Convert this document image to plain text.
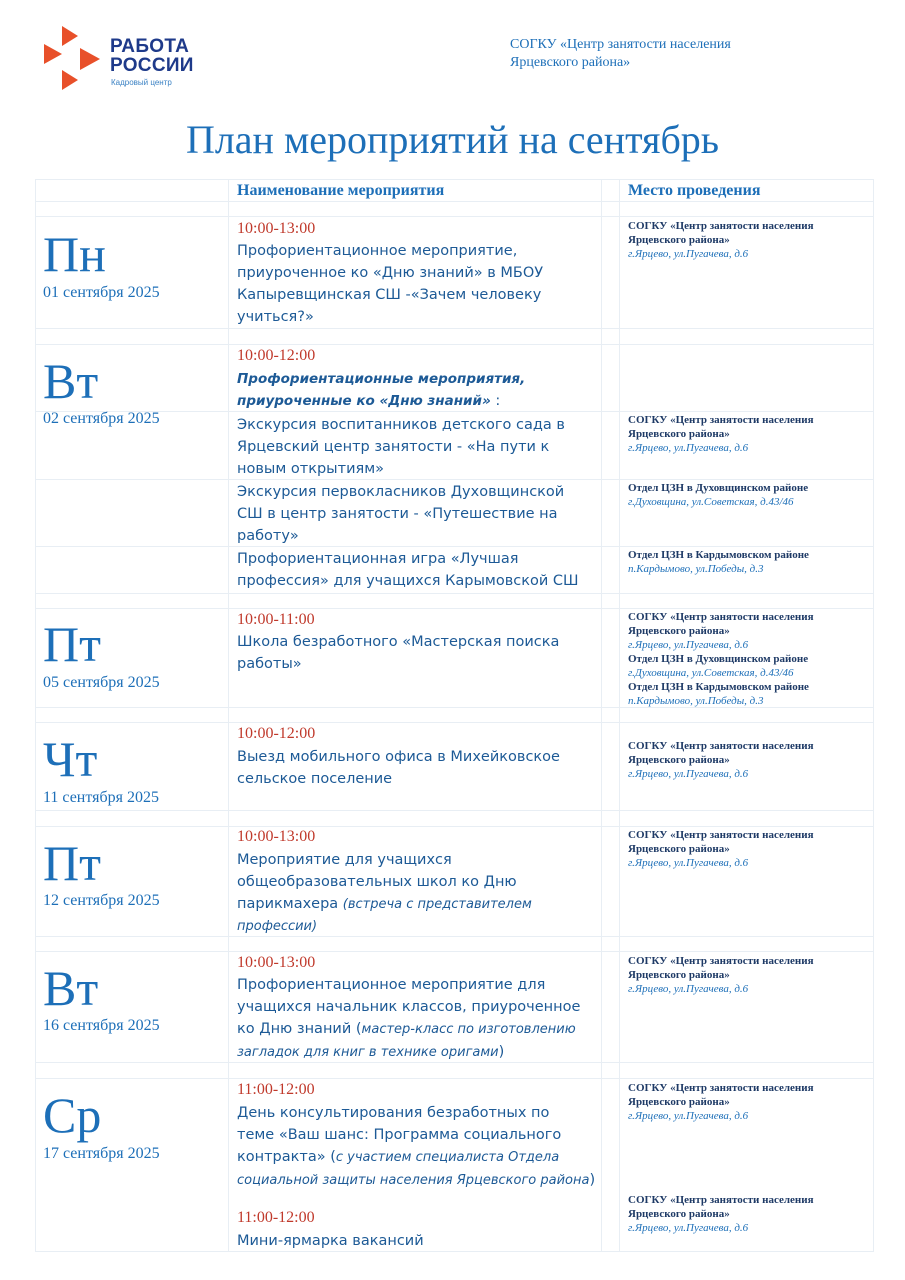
РАБОТА
РОССИИ
Кадровый центр
СОГКУ «Центр занятости населения
Ярцевского района»
План мероприятий на сентябрь
Наименование мероприятия	Место проведения
Пн
01 сентября 2025
10:00-13:00
Профориентационное мероприятие,
приуроченное ко «Дню знаний» в МБОУ
Капыревщинская СШ -«Зачем человеку
учиться?»
СОГКУ «Центр занятости населения
Ярцевского района»
г.Ярцево, ул.Пугачева, д.6
Вт
02 сентября 2025
10:00-12:00
Профориентационные мероприятия,
приуроченные ко «Дню знаний» :
Экскурсия воспитанников детского сада в
Ярцевский центр занятости - «На пути к
новым открытиям»
СОГКУ «Центр занятости населения
Ярцевского района»
г.Ярцево, ул.Пугачева, д.6
Экскурсия первокласников Духовщинской
СШ в центр занятости - «Путешествие на
работу»
Отдел ЦЗН в Духовщинском районе
г.Духовщина, ул.Советская, д.43/46
Профориентационная игра «Лучшая
профессия» для учащихся Карымовской СШ
Отдел ЦЗН в Кардымовском районе
п.Кардымово, ул.Победы, д.3
Пт
05 сентября 2025
10:00-11:00
Школа безработного «Мастерская поиска
работы»
СОГКУ «Центр занятости населения
Ярцевского района»
г.Ярцево, ул.Пугачева, д.6
Отдел ЦЗН в Духовщинском районе
г.Духовщина, ул.Советская, д.43/46
Отдел ЦЗН в Кардымовском районе
п.Кардымово, ул.Победы, д.3
Чт
11 сентября 2025
10:00-12:00
Выезд мобильного офиса в Михейковское
сельское поселение
СОГКУ «Центр занятости населения
Ярцевского района»
г.Ярцево, ул.Пугачева, д.6
Пт
12 сентября 2025
10:00-13:00
Мероприятие для учащихся
общеобразовательных школ ко Дню
парикмахера (встреча с представителем
профессии)
СОГКУ «Центр занятости населения
Ярцевского района»
г.Ярцево, ул.Пугачева, д.6
Вт
16 сентября 2025
10:00-13:00
Профориентационное мероприятие для
учащихся начальник классов, приуроченное
ко Дню знаний (мастер-класс по изготовлению
загладок для книг в технике оригами)
СОГКУ «Центр занятости населения
Ярцевского района»
г.Ярцево, ул.Пугачева, д.6
Ср
17 сентября 2025
11:00-12:00
День консультирования безработных по
теме «Ваш шанс: Программа социального
контракта» (с участием специалиста Отдела
социальной защиты населения Ярцевского района)
СОГКУ «Центр занятости населения
Ярцевского района»
г.Ярцево, ул.Пугачева, д.6
11:00-12:00
Мини-ярмарка вакансий
СОГКУ «Центр занятости населения
Ярцевского района»
г.Ярцево, ул.Пугачева, д.6
